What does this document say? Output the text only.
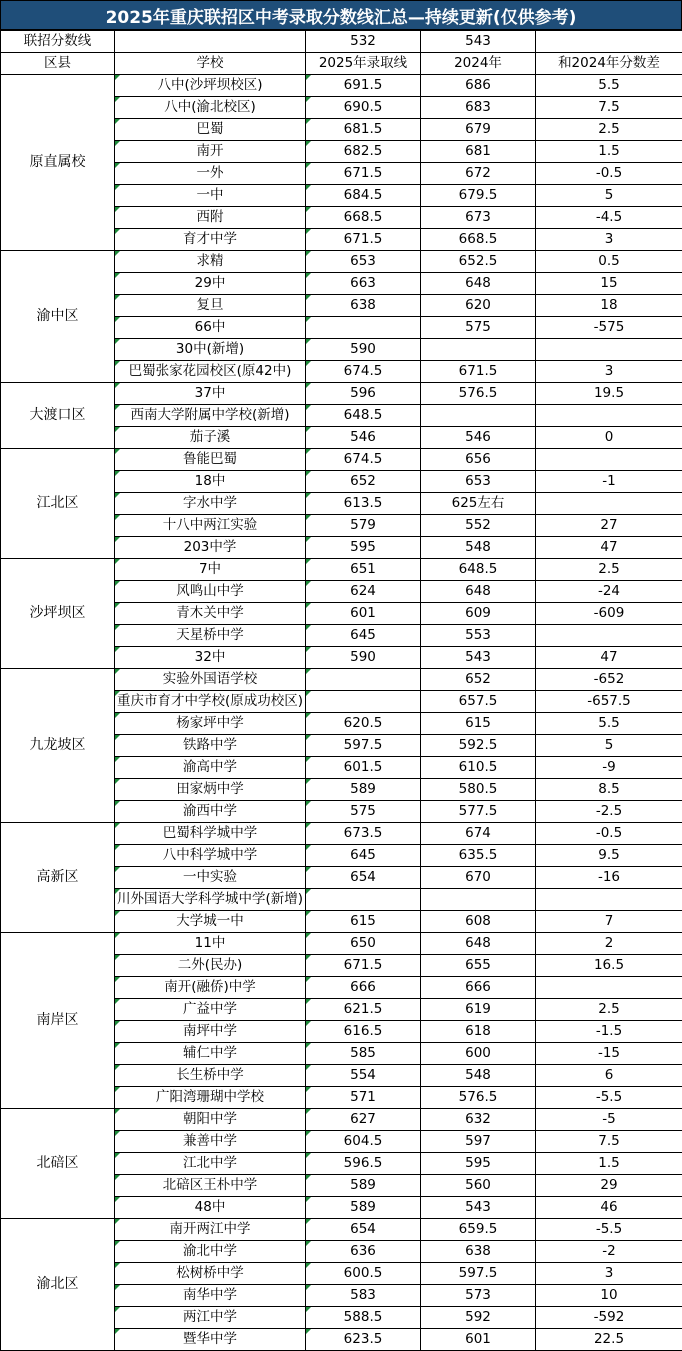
2025年重庆联招区中考录取分数线汇总—持续更新(仅供参考)
联招分数线		532	543	
区县	学校	2025年录取线	2024年	和2024年分数差
原直属校	八中(沙坪坝校区)	691.5	686	5.5
	八中(渝北校区)	690.5	683	7.5
	巴蜀	681.5	679	2.5
	南开	682.5	681	1.5
	一外	671.5	672	-0.5
	一中	684.5	679.5	5
	西附	668.5	673	-4.5
	育才中学	671.5	668.5	3
渝中区	求精	653	652.5	0.5
	29中	663	648	15
	复旦	638	620	18
	66中		575	-575
	30中(新增)	590		
	巴蜀张家花园校区(原42中)	674.5	671.5	3
大渡口区	37中	596	576.5	19.5
	西南大学附属中学校(新增)	648.5		
	茄子溪	546	546	0
江北区	鲁能巴蜀	674.5	656	
	18中	652	653	-1
	字水中学	613.5	625左右	
	十八中两江实验	579	552	27
	203中学	595	548	47
沙坪坝区	7中	651	648.5	2.5
	风鸣山中学	624	648	-24
	青木关中学	601	609	-609
	天星桥中学	645	553	
	32中	590	543	47
九龙坡区	实验外国语学校		652	-652
	重庆市育才中学校(原成功校区)		657.5	-657.5
	杨家坪中学	620.5	615	5.5
	铁路中学	597.5	592.5	5
	渝高中学	601.5	610.5	-9
	田家炳中学	589	580.5	8.5
	渝西中学	575	577.5	-2.5
高新区	巴蜀科学城中学	673.5	674	-0.5
	八中科学城中学	645	635.5	9.5
	一中实验	654	670	-16
	川外国语大学科学城中学(新增)			
	大学城一中	615	608	7
南岸区	11中	650	648	2
	二外(民办)	671.5	655	16.5
	南开(融侨)中学	666	666	
	广益中学	621.5	619	2.5
	南坪中学	616.5	618	-1.5
	辅仁中学	585	600	-15
	长生桥中学	554	548	6
	广阳湾珊瑚中学校	571	576.5	-5.5
北碚区	朝阳中学	627	632	-5
	兼善中学	604.5	597	7.5
	江北中学	596.5	595	1.5
	北碚区王朴中学	589	560	29
	48中	589	543	46
渝北区	南开两江中学	654	659.5	-5.5
	渝北中学	636	638	-2
	松树桥中学	600.5	597.5	3
	南华中学	583	573	10
	两江中学	588.5	592	-592
	暨华中学	623.5	601	22.5
